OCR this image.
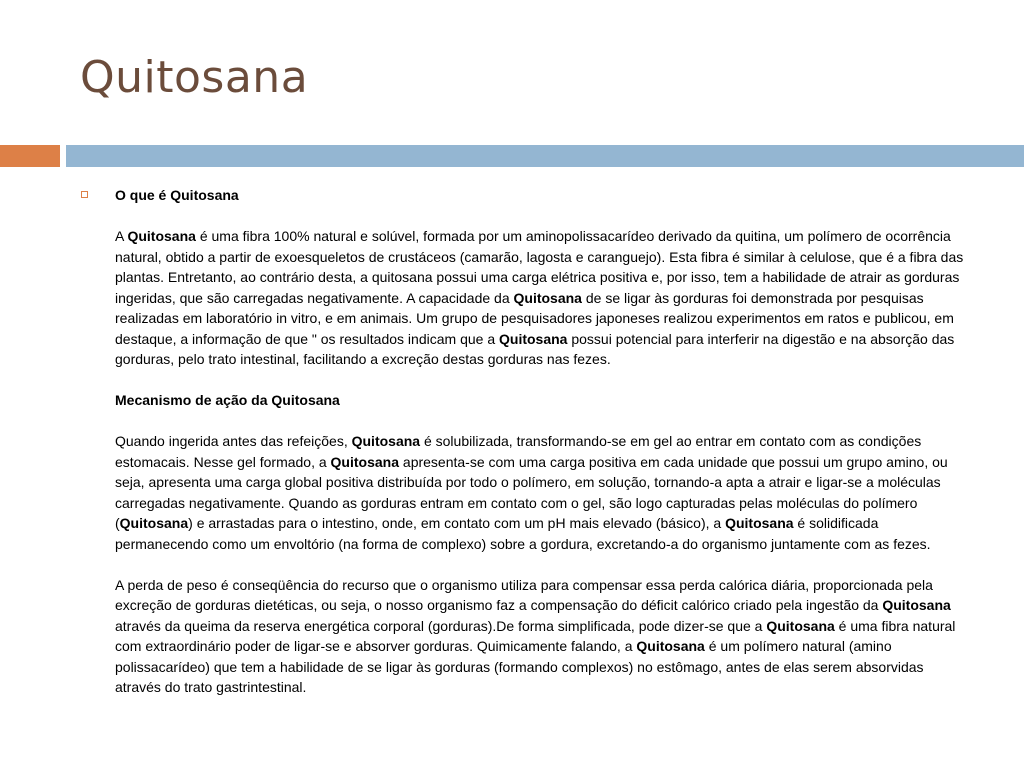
Quitosana

O que é Quitosana

A Quitosana é uma fibra 100% natural e solúvel, formada por um aminopolissacarídeo derivado da quitina, um polímero de ocorrência natural, obtido a partir de exoesqueletos de crustáceos (camarão, lagosta e caranguejo). Esta fibra é similar à celulose, que é a fibra das plantas. Entretanto, ao contrário desta, a quitosana possui uma carga elétrica positiva e, por isso, tem a habilidade de atrair as gorduras ingeridas, que são carregadas negativamente. A capacidade da Quitosana de se ligar às gorduras foi demonstrada por pesquisas realizadas em laboratório in vitro, e em animais. Um grupo de pesquisadores japoneses realizou experimentos em ratos e publicou, em destaque, a informação de que " os resultados indicam que a Quitosana possui potencial para interferir na digestão e na absorção das gorduras, pelo trato intestinal, facilitando a excreção destas gorduras nas fezes.

Mecanismo de ação da Quitosana

Quando ingerida antes das refeições, Quitosana é solubilizada, transformando-se em gel ao entrar em contato com as condições estomacais. Nesse gel formado, a Quitosana apresenta-se com uma carga positiva em cada unidade que possui um grupo amino, ou seja, apresenta uma carga global positiva distribuída por todo o polímero, em solução, tornando-a apta a atrair e ligar-se a moléculas carregadas negativamente. Quando as gorduras entram em contato com o gel, são logo capturadas pelas moléculas do polímero (Quitosana) e arrastadas para o intestino, onde, em contato com um pH mais elevado (básico), a Quitosana é solidificada permanecendo como um envoltório (na forma de complexo) sobre a gordura, excretando-a do organismo juntamente com as fezes.

A perda de peso é conseqüência do recurso que o organismo utiliza para compensar essa perda calórica diária, proporcionada pela excreção de gorduras dietéticas, ou seja, o nosso organismo faz a compensação do déficit calórico criado pela ingestão da Quitosana através da queima da reserva energética corporal (gorduras).De forma simplificada, pode dizer-se que a Quitosana é uma fibra natural com extraordinário poder de ligar-se e absorver gorduras. Quimicamente falando, a Quitosana é um polímero natural (amino polissacarídeo) que tem a habilidade de se ligar às gorduras (formando complexos) no estômago, antes de elas serem absorvidas através do trato gastrintestinal.
